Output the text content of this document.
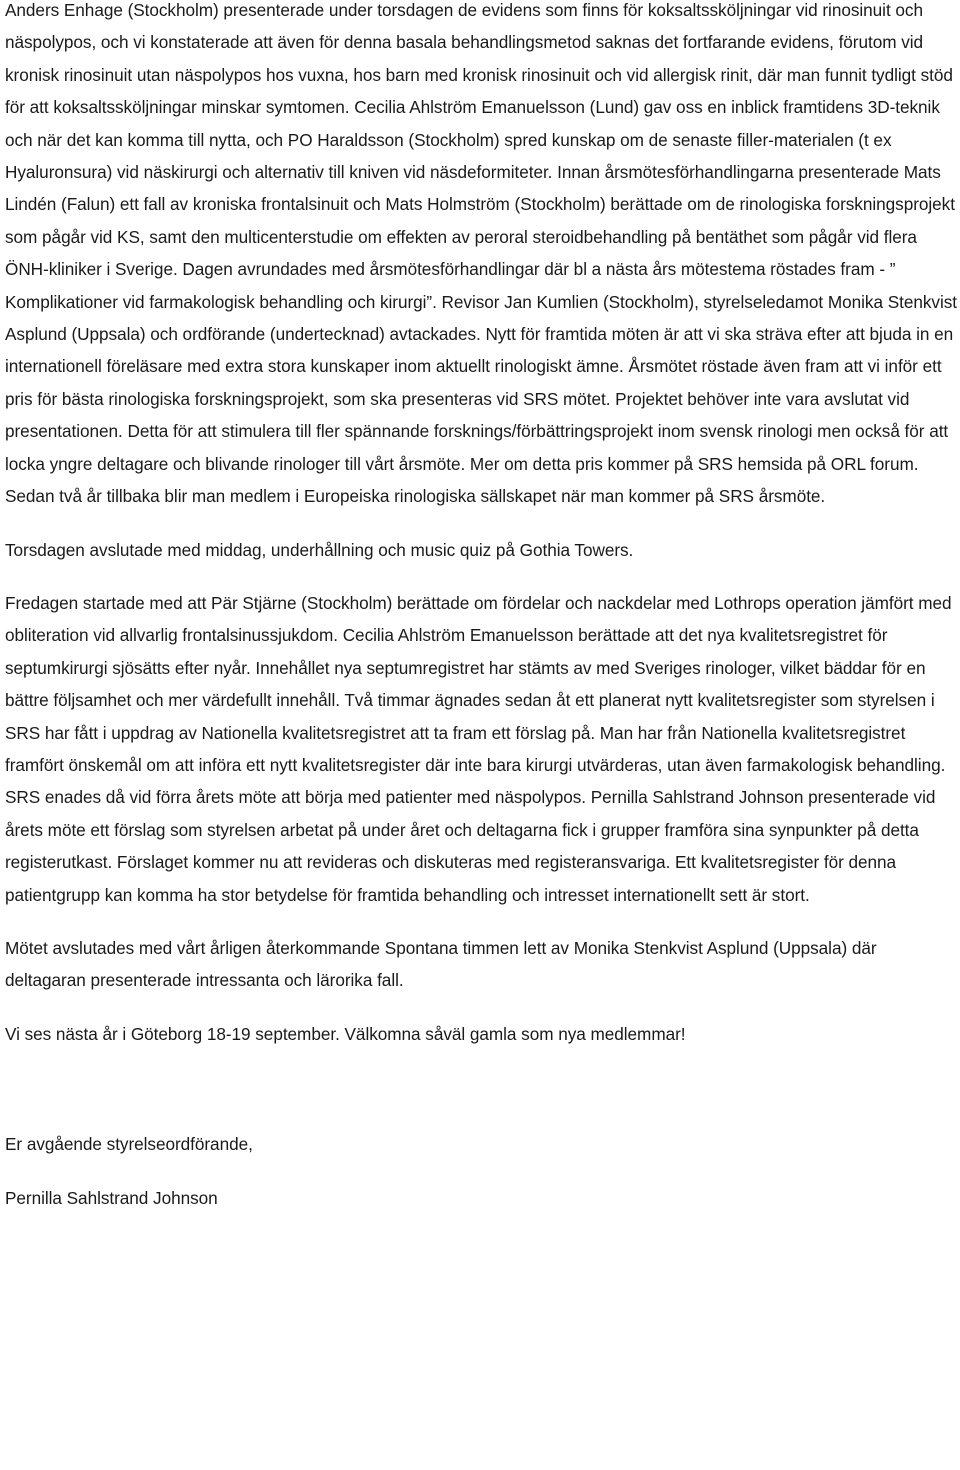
Anders Enhage (Stockholm) presenterade under torsdagen de evidens som finns för koksaltssköljningar vid rinosinuit och näspolypos, och vi konstaterade att även för denna basala behandlingsmetod saknas det fortfarande evidens, förutom vid kronisk rinosinuit utan näspolypos hos vuxna, hos barn med kronisk rinosinuit och vid allergisk rinit, där man funnit tydligt stöd för att koksaltssköljningar minskar symtomen. Cecilia Ahlström Emanuelsson (Lund) gav oss en inblick framtidens 3D-teknik och när det kan komma till nytta, och PO Haraldsson (Stockholm) spred kunskap om de senaste filler-materialen (t ex Hyaluronsura) vid näskirurgi och alternativ till kniven vid näsdeformiteter. Innan årsmötesförhandlingarna presenterade Mats Lindén (Falun) ett fall av kroniska frontalsinuit och Mats Holmström (Stockholm) berättade om de rinologiska forskningsprojekt som pågår vid KS, samt den multicenterstudie om effekten av peroral steroidbehandling på bentäthet som pågår vid flera ÖNH-kliniker i Sverige. Dagen avrundades med årsmötesförhandlingar där bl a nästa års mötestema röstades fram - ” Komplikationer vid farmakologisk behandling och kirurgi”. Revisor Jan Kumlien (Stockholm), styrelseledamot Monika Stenkvist Asplund (Uppsala) och ordförande (undertecknad) avtackades. Nytt för framtida möten är att vi ska sträva efter att bjuda in en internationell föreläsare med extra stora kunskaper inom aktuellt rinologiskt ämne. Årsmötet röstade även fram att vi inför ett pris för bästa rinologiska forskningsprojekt, som ska presenteras vid SRS mötet. Projektet behöver inte vara avslutat vid presentationen. Detta för att stimulera till fler spännande forsknings/förbättringsprojekt inom svensk rinologi men också för att locka yngre deltagare och blivande rinologer till vårt årsmöte. Mer om detta pris kommer på SRS hemsida på ORL forum. Sedan två år tillbaka blir man medlem i Europeiska rinologiska sällskapet när man kommer på SRS årsmöte.

Torsdagen avslutade med middag, underhållning och music quiz på Gothia Towers.

Fredagen startade med att Pär Stjärne (Stockholm) berättade om fördelar och nackdelar med Lothrops operation jämfört med obliteration vid allvarlig frontalsinussjukdom. Cecilia Ahlström Emanuelsson berättade att det nya kvalitetsregistret för septumkirurgi sjösätts efter nyår. Innehållet nya septumregistret har stämts av med Sveriges rinologer, vilket bäddar för en bättre följsamhet och mer värdefullt innehåll. Två timmar ägnades sedan åt ett planerat nytt kvalitetsregister som styrelsen i SRS har fått i uppdrag av Nationella kvalitetsregistret att ta fram ett förslag på. Man har från Nationella kvalitetsregistret framfört önskemål om att införa ett nytt kvalitetsregister där inte bara kirurgi utvärderas, utan även farmakologisk behandling. SRS enades då vid förra årets möte att börja med patienter med näspolypos. Pernilla Sahlstrand Johnson presenterade vid årets möte ett förslag som styrelsen arbetat på under året och deltagarna fick i grupper framföra sina synpunkter på detta registerutkast. Förslaget kommer nu att revideras och diskuteras med registeransvariga. Ett kvalitetsregister för denna patientgrupp kan komma ha stor betydelse för framtida behandling och intresset internationellt sett är stort.

Mötet avslutades med vårt årligen återkommande Spontana timmen lett av Monika Stenkvist Asplund (Uppsala) där deltagaran presenterade intressanta och lärorika fall.

Vi ses nästa år i Göteborg 18-19 september. Välkomna såväl gamla som nya medlemmar!

Er avgående styrelseordförande,

Pernilla Sahlstrand Johnson
